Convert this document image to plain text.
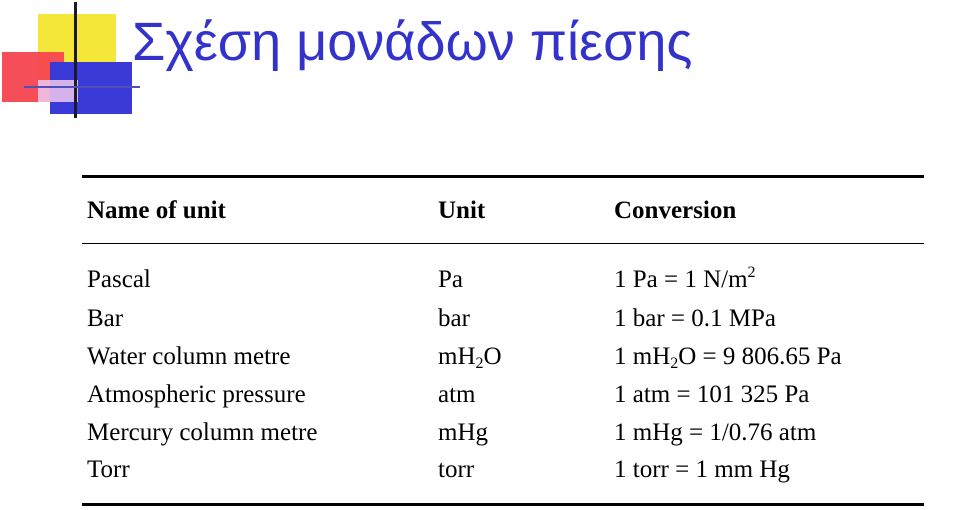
Σχέση μονάδων πίεσης
Name of unit	Unit	Conversion
Pascal	Pa	1 Pa = 1 $N/m^2$
Bar	bar	1 bar = 0.1 MPa
Water column metre	$mH_2O$	1 $mH_2O = 9$ 806.65 Pa
Atmospheric pressure	atm	1 atm = 101 325 Pa
Mercury column metre	mHg	1 mHg = 1/0.76 atm
Torr	torr	1 torr = 1 mm Hg
